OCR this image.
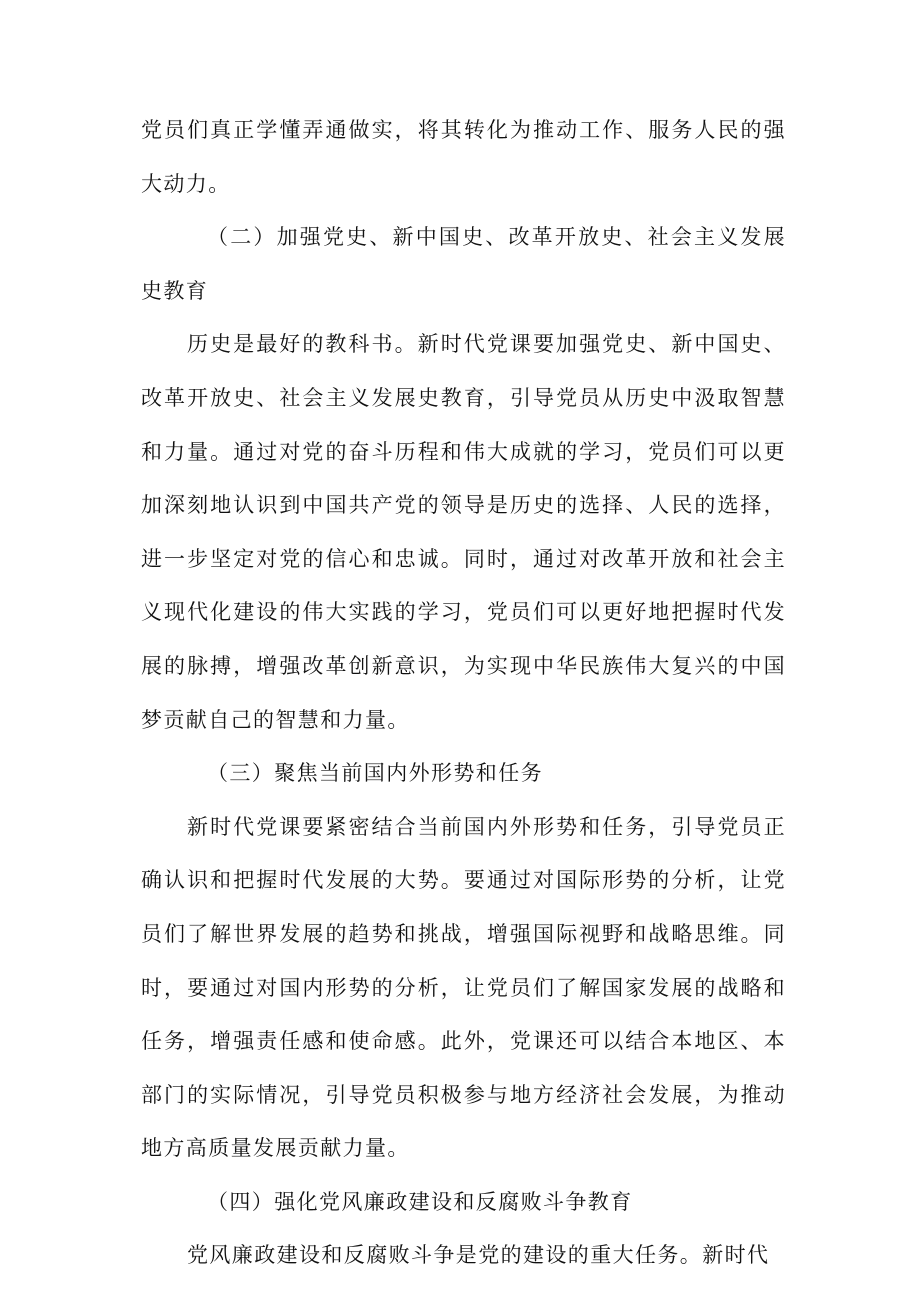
党员们真正学懂弄通做实，将其转化为推动工作、服务人民的强大动力。

（二）加强党史、新中国史、改革开放史、社会主义发展史教育

历史是最好的教科书。新时代党课要加强党史、新中国史、改革开放史、社会主义发展史教育，引导党员从历史中汲取智慧和力量。通过对党的奋斗历程和伟大成就的学习，党员们可以更加深刻地认识到中国共产党的领导是历史的选择、人民的选择，进一步坚定对党的信心和忠诚。同时，通过对改革开放和社会主义现代化建设的伟大实践的学习，党员们可以更好地把握时代发展的脉搏，增强改革创新意识，为实现中华民族伟大复兴的中国梦贡献自己的智慧和力量。

（三）聚焦当前国内外形势和任务

新时代党课要紧密结合当前国内外形势和任务，引导党员正确认识和把握时代发展的大势。要通过对国际形势的分析，让党员们了解世界发展的趋势和挑战，增强国际视野和战略思维。同时，要通过对国内形势的分析，让党员们了解国家发展的战略和任务，增强责任感和使命感。此外，党课还可以结合本地区、本部门的实际情况，引导党员积极参与地方经济社会发展，为推动地方高质量发展贡献力量。

（四）强化党风廉政建设和反腐败斗争教育

党风廉政建设和反腐败斗争是党的建设的重大任务。新时代
